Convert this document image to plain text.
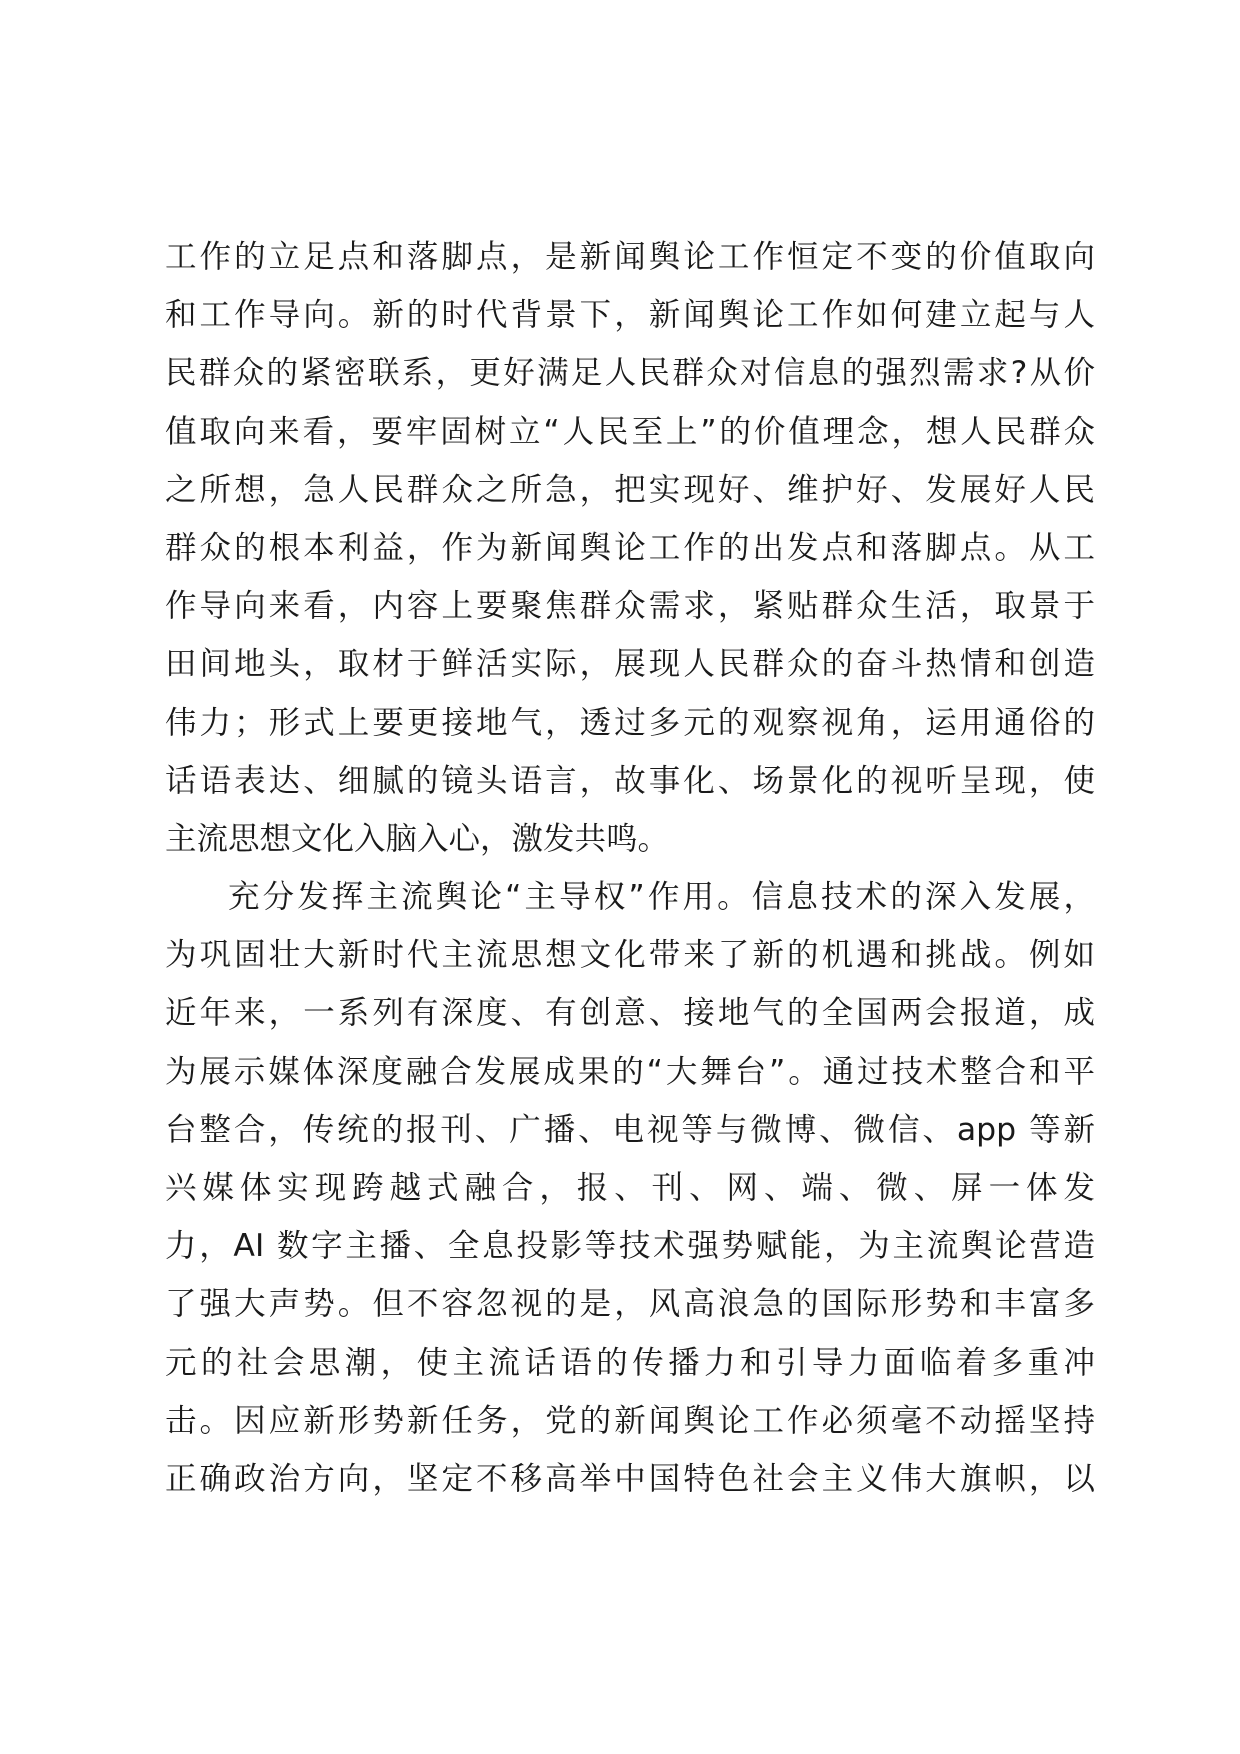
工作的立足点和落脚点，是新闻舆论工作恒定不变的价值取向
和工作导向。新的时代背景下，新闻舆论工作如何建立起与人
民群众的紧密联系，更好满足人民群众对信息的强烈需求?从价
值取向来看，要牢固树立“人民至上”的价值理念，想人民群众
之所想，急人民群众之所急，把实现好、维护好、发展好人民
群众的根本利益，作为新闻舆论工作的出发点和落脚点。从工
作导向来看，内容上要聚焦群众需求，紧贴群众生活，取景于
田间地头，取材于鲜活实际，展现人民群众的奋斗热情和创造
伟力；形式上要更接地气，透过多元的观察视角，运用通俗的
话语表达、细腻的镜头语言，故事化、场景化的视听呈现，使
主流思想文化入脑入心，激发共鸣。
充分发挥主流舆论“主导权”作用。信息技术的深入发展，
为巩固壮大新时代主流思想文化带来了新的机遇和挑战。例如
近年来，一系列有深度、有创意、接地气的全国两会报道，成
为展示媒体深度融合发展成果的“大舞台”。通过技术整合和平
台整合，传统的报刊、广播、电视等与微博、微信、app 等新
兴媒体实现跨越式融合，报、刊、网、端、微、屏一体发
力，AI 数字主播、全息投影等技术强势赋能，为主流舆论营造
了强大声势。但不容忽视的是，风高浪急的国际形势和丰富多
元的社会思潮，使主流话语的传播力和引导力面临着多重冲
击。因应新形势新任务，党的新闻舆论工作必须毫不动摇坚持
正确政治方向，坚定不移高举中国特色社会主义伟大旗帜，以
